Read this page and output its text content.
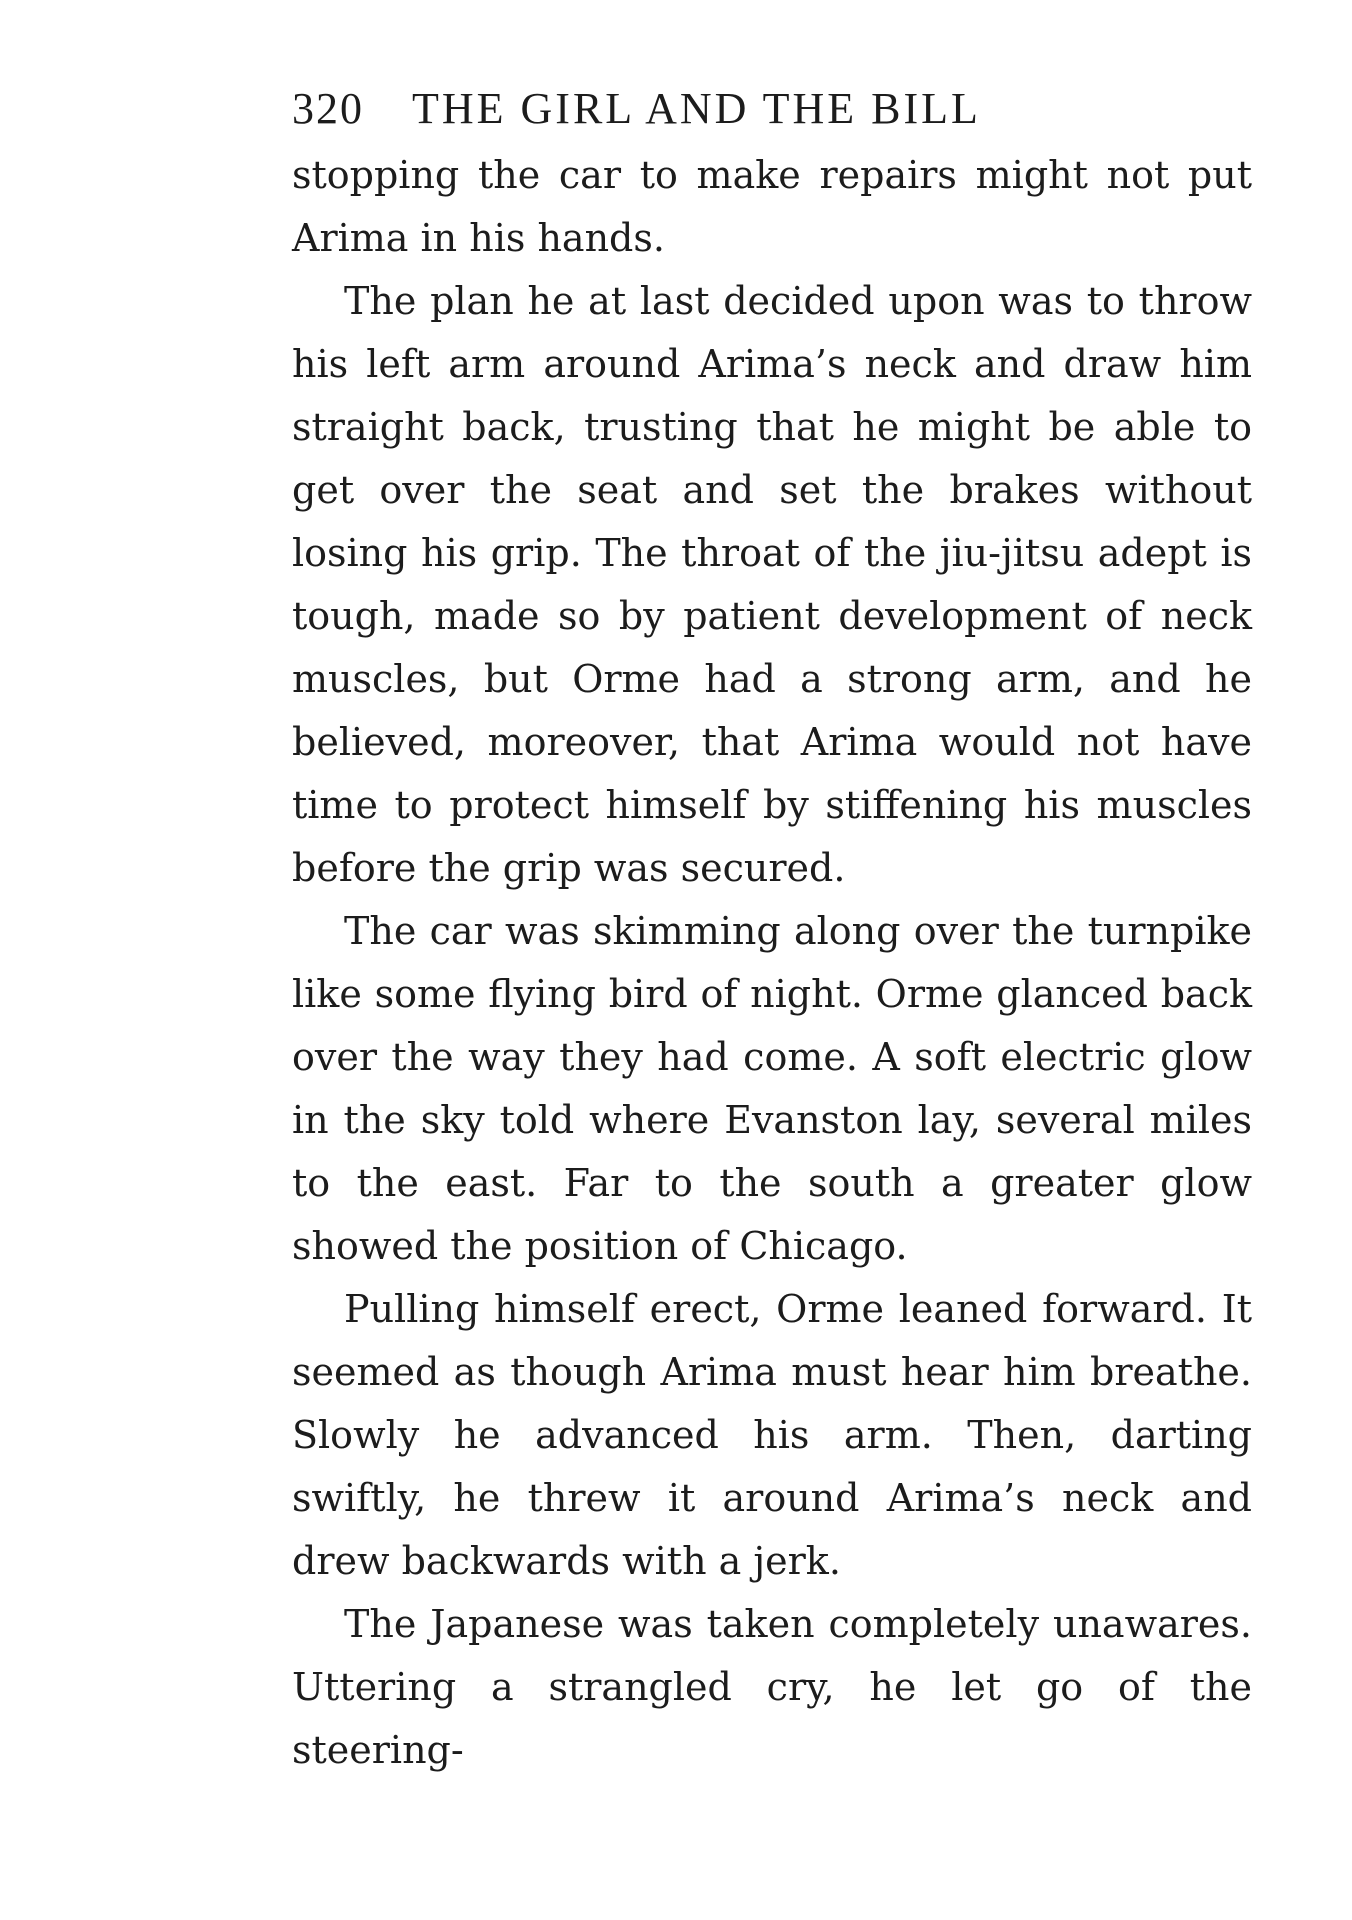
320	THE GIRL AND THE BILL

stopping the car to make repairs might not put Arima in his hands.

The plan he at last decided upon was to throw his left arm around Arima’s neck and draw him straight back, trusting that he might be able to get over the seat and set the brakes without losing his grip. The throat of the jiu-jitsu adept is tough, made so by patient development of neck muscles, but Orme had a strong arm, and he believed, moreover, that Arima would not have time to protect himself by stiffening his muscles before the grip was secured.

The car was skimming along over the turnpike like some flying bird of night. Orme glanced back over the way they had come. A soft electric glow in the sky told where Evanston lay, several miles to the east. Far to the south a greater glow showed the position of Chicago.

Pulling himself erect, Orme leaned forward. It seemed as though Arima must hear him breathe. Slowly he advanced his arm. Then, darting swiftly, he threw it around Arima’s neck and drew backwards with a jerk.

The Japanese was taken completely unawares. Uttering a strangled cry, he let go of the steering-
